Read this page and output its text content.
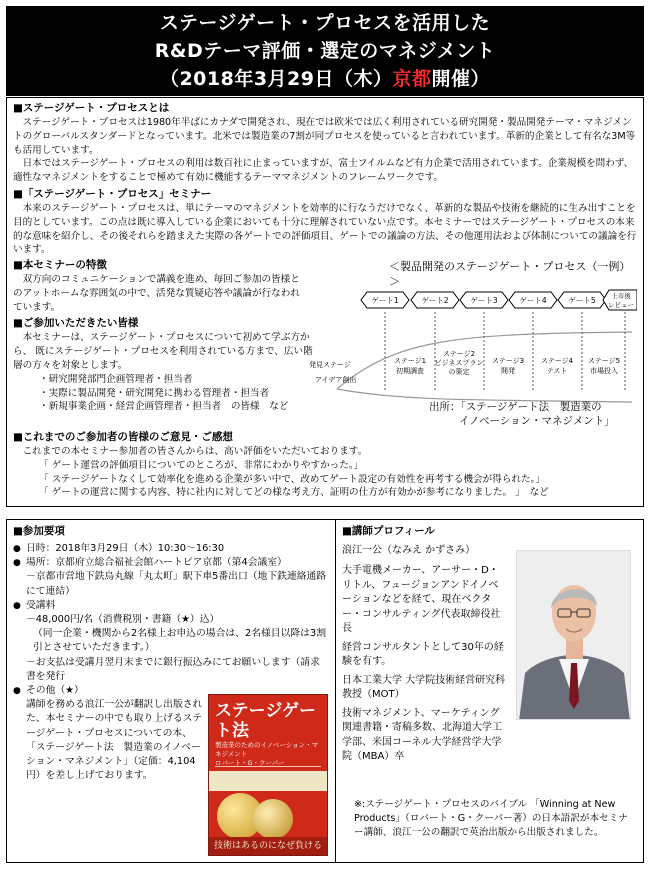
ステージゲート・プロセスを活用した
R&Dテーマ評価・選定のマネジメント
（2018年3月29日（木）京都開催）
■ステージゲート・プロセスとは
　ステージゲート・プロセスは1980年半ばにカナダで開発され、現在では欧米では広く利用されている研究開発・製品開発テーマ・マネジメントのグローバルスタンダードとなっています。北米では製造業の7割が同プロセスを使っていると言われています。革新的企業として有名な3M等も活用しています。
　日本ではステージゲート・プロセスの利用は数百社に止まっていますが、富士フイルムなど有力企業で活用されています。企業規模を問わず、適性なマネジメントをすることで極めて有効に機能するテーママネジメントのフレームワークです。
■「ステージゲート・プロセス」セミナー
　本来のステージゲート・プロセスは、単にテーマのマネジメントを効率的に行なうだけでなく、革新的な製品や技術を継続的に生み出すことを目的としています。この点は既に導入している企業においても十分に理解されていない点です。本セミナーではステージゲート・プロセスの本来的な意味を紹介し、その後それらを踏まえた実際の各ゲートでの評価項目、ゲートでの議論の方法、その他運用法および体制についての議論を行います。
■本セミナーの特徴
　双方向のコミュニケーションで講義を進め、毎回ご参加の皆様とのアットホームな雰囲気の中で、活発な質疑応答や議論が行なわれています。
■ご参加いただきたい皆様
　本セミナーは、ステージゲート・プロセスについて初めて学ぶ方から、 既にステージゲート・プロセスを利用されている方まで、広い階層の方々を対象とします。
・研究開発部門企画管理者・担当者
・実際に製品開発・研究開発に携わる管理者・担当者
・新規事業企画・経営企画管理者・担当者　の皆様　など
＜製品開発のステージゲート・プロセス（一例）＞
ゲート1	ゲート2	ゲート3	ゲート4	ゲート5 上市後
レビュー
発見ステージ
アイデア創出
ステージ1
初期調査
ステージ2
ビジネスプラン
の策定
ステージ3
開発
ステージ4
テスト
ステージ5
市場投入
出所：「ステージゲート法　製造業の
イノベーション・マネジメント」
■これまでのご参加者の皆様のご意見・ご感想
　これまでの本セミナー参加者の皆さんからは、高い評価をいただいております。
「 ゲート運営の評価項目についてのところが、非常にわかりやすかった。」
「 ステージゲートなくして効率化を進める企業が多い中で、改めてゲート設定の有効性を再考する機会が得られた。」
「 ゲートの運営に関する内容、特に社内に対してどの様な考え方、証明の仕方が有効かが参考になりました。 」　など
■参加要項
● 日時：2018年3月29日（木）10:30～16:30
● 場所：京都府立総合福祉会館ハートピア京都（第4会議室）
－京都市営地下鉄烏丸線「丸太町」駅下車5番出口（地下鉄連絡通路にて連結）
● 受講料
－48,000円/名（消費税別・書籍（★）込）
（同一企業・機関から2名様上お申込の場合は、2名様目以降は3割引とさせていただきます。）
－お支払は受講月翌月末までに銀行振込みにてお願いします（請求書を発行
● その他（★）
講師を務める浪江一公が翻訳し出版された、本セミナーの中でも取り上げるステージゲート・プロセスについての本、「ステージゲート法　製造業のイノベーション・マネジメント」（定価：4,104円）を差し上げております。
ステージゲート法
製造業のためのイノベーション・マネジメント
ロバート・G・クーパー
技術はあるのになぜ負ける
■講師プロフィール
浪江一公（なみえ かずさみ）
大手電機メーカー、アーサー・D・リトル、フュージョンアンドイノベーションなどを経て、現在ベクター・コンサルティング代表取締役社長
経営コンサルタントとして30年の経験を有す。
日本工業大学 大学院技術経営研究科教授（MOT）
技術マネジメント、マーケティング関連書籍・寄稿多数、北海道大学工学部、米国コーネル大学経営学大学院（MBA）卒
※:ステージゲート・プロセスのバイブル 「Winning at New Products」（ロバート・G・クーパー著）の日本語訳が本セミナー講師、浪江一公の翻訳で英治出版から出版されました。
